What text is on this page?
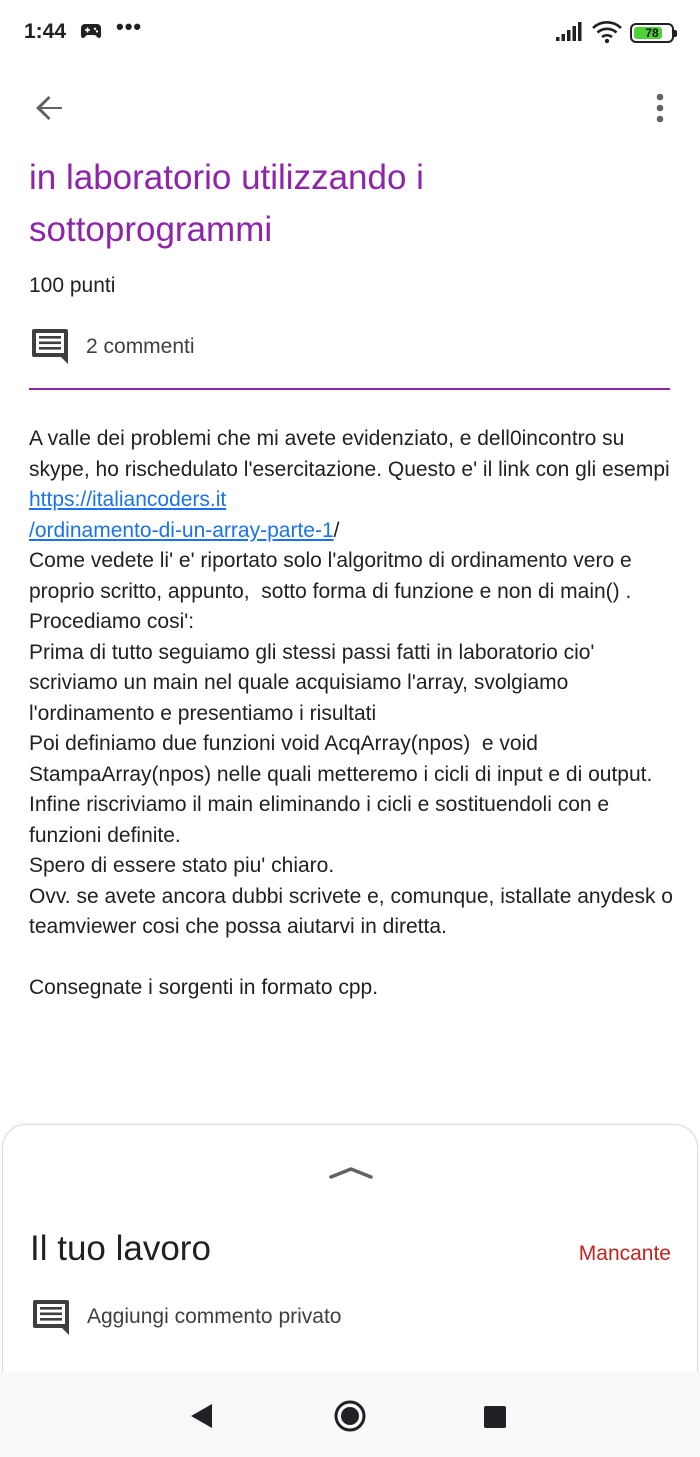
1:44 •••	78
in laboratorio utilizzando i sottoprogrammi
100 punti
2 commenti
A valle dei problemi che mi avete evidenziato, e dell0incontro su skype, ho rischedulato l'esercitazione. Questo e' il link con gli esempi https://italiancoders.it
/ordinamento-di-un-array-parte-1/
Come vedete li' e' riportato solo l'algoritmo di ordinamento vero e proprio scritto, appunto,  sotto forma di funzione e non di main() .
Procediamo cosi':
Prima di tutto seguiamo gli stessi passi fatti in laboratorio cio' scriviamo un main nel quale acquisiamo l'array, svolgiamo l'ordinamento e presentiamo i risultati
Poi definiamo due funzioni void AcqArray(npos)  e void StampaArray(npos) nelle quali metteremo i cicli di input e di output.
Infine riscriviamo il main eliminando i cicli e sostituendoli con e funzioni definite.
Spero di essere stato piu' chiaro.
Ovv. se avete ancora dubbi scrivete e, comunque, istallate anydesk o teamviewer cosi che possa aiutarvi in diretta.

Consegnate i sorgenti in formato cpp.
Il tuo lavoro	Mancante
Aggiungi commento privato
